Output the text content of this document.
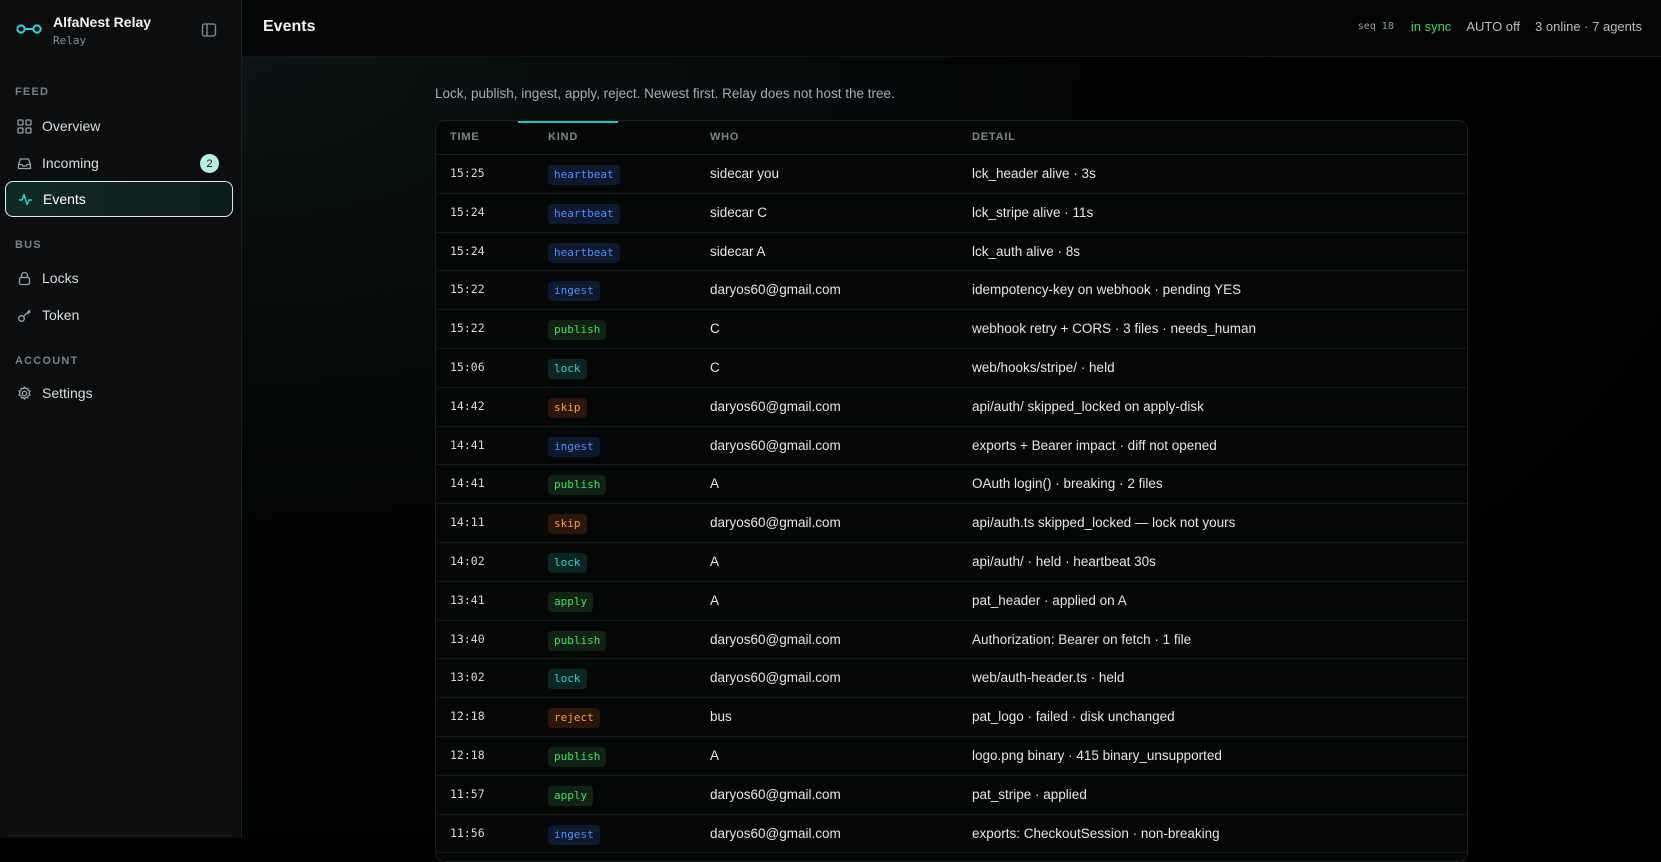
AlfaNest Relay
Relay
FEED
Overview
Incoming	2
Events
BUS
Locks
Token
ACCOUNT
Settings
Events	seq 18 in sync AUTO off 3 online · 7 agents
Lock, publish, ingest, apply, reject. Newest first. Relay does not host the tree.
TIME	KIND	WHO	DETAIL
15:25	heartbeat	sidecar you	lck_header alive · 3s
15:24	heartbeat	sidecar C	lck_stripe alive · 11s
15:24	heartbeat	sidecar A	lck_auth alive · 8s
15:22	ingest	daryos60@gmail.com	idempotency-key on webhook · pending YES
15:22	publish	C	webhook retry + CORS · 3 files · needs_human
15:06	lock	C	web/hooks/stripe/ · held
14:42	skip	daryos60@gmail.com	api/auth/ skipped_locked on apply-disk
14:41	ingest	daryos60@gmail.com	exports + Bearer impact · diff not opened
14:41	publish	A	OAuth login() · breaking · 2 files
14:11	skip	daryos60@gmail.com	api/auth.ts skipped_locked — lock not yours
14:02	lock	A	api/auth/ · held · heartbeat 30s
13:41	apply	A	pat_header · applied on A
13:40	publish	daryos60@gmail.com	Authorization: Bearer on fetch · 1 file
13:02	lock	daryos60@gmail.com	web/auth-header.ts · held
12:18	reject	bus	pat_logo · failed · disk unchanged
12:18	publish	A	logo.png binary · 415 binary_unsupported
11:57	apply	daryos60@gmail.com	pat_stripe · applied
11:56	ingest	daryos60@gmail.com	exports: CheckoutSession · non-breaking
